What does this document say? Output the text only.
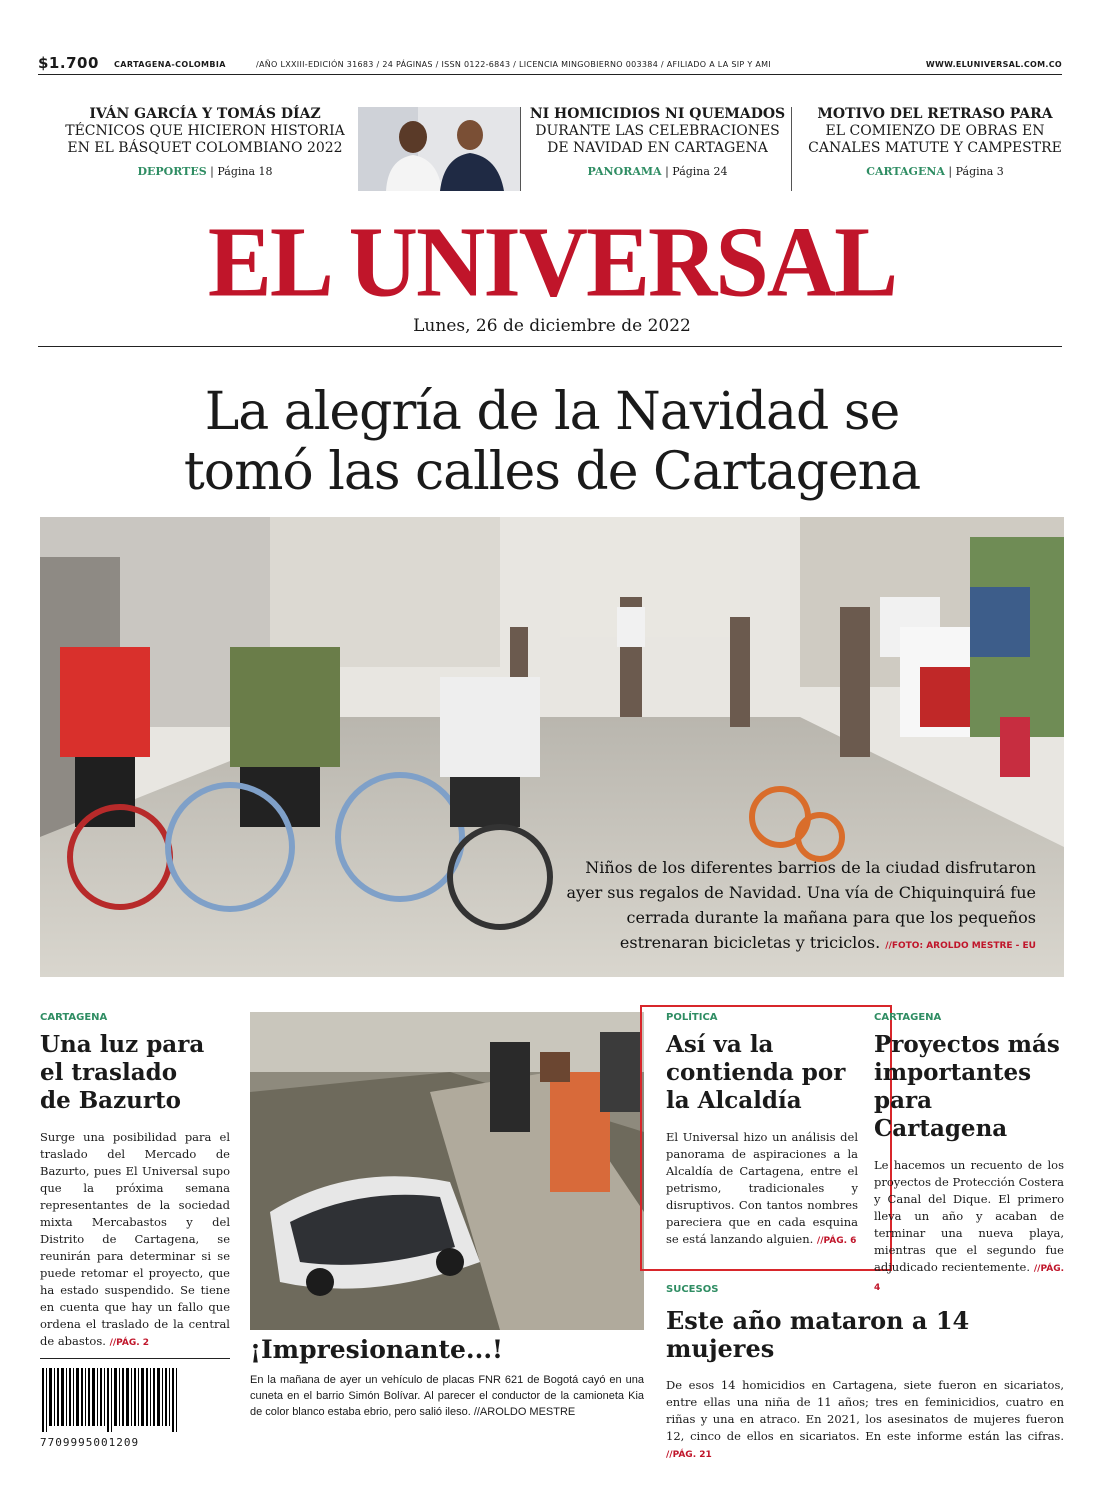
$1.700 CARTAGENA-COLOMBIA	/AÑO LXXIII-EDICIÓN 31683 / 24 PÁGINAS / ISSN 0122-6843 / LICENCIA MINGOBIERNO 003384 / AFILIADO A LA SIP Y AMI	WWW.ELUNIVERSAL.COM.CO
IVÁN GARCÍA Y TOMÁS DÍAZ
TÉCNICOS QUE HICIERON HISTORIA
EN EL BÁSQUET COLOMBIANO 2022
DEPORTES | Página 18
NI HOMICIDIOS NI QUEMADOS
DURANTE LAS CELEBRACIONES
DE NAVIDAD EN CARTAGENA
PANORAMA | Página 24
MOTIVO DEL RETRASO PARA
EL COMIENZO DE OBRAS EN
CANALES MATUTE Y CAMPESTRE
CARTAGENA | Página 3
EL UNIVERSAL
Lunes, 26 de diciembre de 2022
La alegría de la Navidad se
tomó las calles de Cartagena
Niños de los diferentes barrios de la ciudad disfrutaron
ayer sus regalos de Navidad. Una vía de Chiquinquirá fue
cerrada durante la mañana para que los pequeños
estrenaran bicicletas y triciclos. //FOTO: AROLDO MESTRE - EU
CARTAGENA
Una luz para
el traslado
de Bazurto
Surge una posibilidad para el traslado del Mercado de Bazurto, pues El Universal supo que la próxima semana representantes de la sociedad mixta Mercabastos y del Distrito de Cartagena, se reunirán para determinar si se puede retomar el proyecto, que ha estado suspendido. Se tiene en cuenta que hay un fallo que ordena el traslado de la central de abastos. //PÁG. 2
7709995001209
¡Impresionante...!
En la mañana de ayer un vehículo de placas FNR 621 de Bogotá cayó en una cuneta en el barrio Simón Bolívar. Al parecer el conductor de la camioneta Kia de color blanco estaba ebrio, pero salió ileso. //AROLDO MESTRE
POLÍTICA
Así va la
contienda por
la Alcaldía
El Universal hizo un análisis del panorama de aspiraciones a la Alcaldía de Cartagena, entre el petrismo, tradicionales y disruptivos. Con tantos nombres pareciera que en cada esquina se está lanzando alguien. //PÁG. 6
CARTAGENA
Proyectos más
importantes
para Cartagena
Le hacemos un recuento de los proyectos de Protección Costera y Canal del Dique. El primero lleva un año y acaban de terminar una nueva playa, mientras que el segundo fue adjudicado recientemente. //PÁG. 4
SUCESOS
Este año mataron a 14 mujeres
De esos 14 homicidios en Cartagena, siete fueron en sicariatos, entre ellas una niña de 11 años; tres en feminicidios, cuatro en riñas y una en atraco. En 2021, los asesinatos de mujeres fueron 12, cinco de ellos en sicariatos. En este informe están las cifras. //PÁG. 21
